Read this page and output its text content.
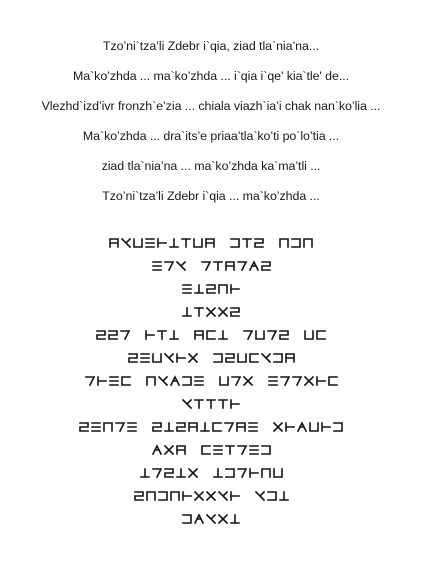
Tzo’ni`tza’li Zdebr i`qia, ziad tla`nia’na...
Ma`ko’zhda ... ma`ko’zhda ... i`qia i`qe' kia`tle' de...
Vlezhd`izd’ivr fronzh`e’zia ... chiala viazh`ia’i chak nan`ko’lia ...
Ma`ko’zhda ... dra`its’e priaa’tla`ko’ti po`lo’tia ...
ziad tla`nia’na ... ma`ko’zhda ka`ma’tli ...
Tzo’ni`tza’li Zdebr i`qia ... ma`ko’zhda ...
